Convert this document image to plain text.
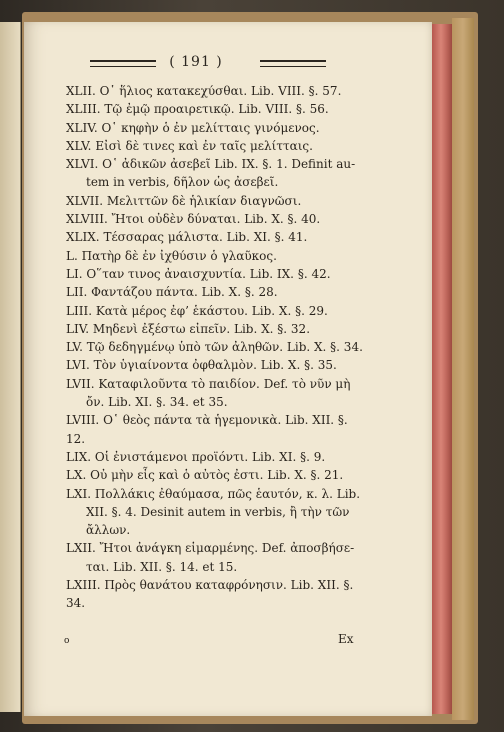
( 191 )
XLII. Ο῾ ἥλιος κατακεχύσθαι. Lib. VIII. §. 57.
XLIII. Τῷ ἐμῷ προαιρετικῷ. Lib. VIII. §. 56.
XLIV. Ο῾ κηφὴν ὁ ἐν μελίτταις γινόμενος.
XLV. Εἰσὶ δὲ τινες καὶ ἐν ταῖς μελίτταις.
XLVI. Ο῾ ἀδικῶν ἀσεβεῖ Lib. IX. §. 1. Definit au-
tem in verbis, δῆλον ὡς ἀσεβεῖ.
XLVII. Μελιττῶν δὲ ἡλικίαν διαγνῶσι.
XLVIII. Ἤτοι οὐδὲν δύναται. Lib. X. §. 40.
XLIX. Τέσσαρας μάλιστα. Lib. XI. §. 41.
L. Πατὴρ δὲ ἐν ἰχθύσιν ὁ γλαῦκος.
LI. Ο῞ταν τινος ἀναισχυντία. Lib. IX. §. 42.
LII. Φαντάζου πάντα. Lib. X. §. 28.
LIII. Κατὰ μέρος ἐφ’ ἑκάστου. Lib. X. §. 29.
LIV. Μηδενὶ ἐξέστω εἰπεῖν. Lib. X. §. 32.
LV. Τῷ δεδηγμένῳ ὑπὸ τῶν ἀληθῶν. Lib. X. §. 34.
LVI. Τὸν ὑγιαίνοντα ὀφθαλμὸν. Lib. X. §. 35.
LVII. Καταφιλοῦντα τὸ παιδίον. Def. τὸ νῦν μὴ
ὄν. Lib. XI. §. 34. et 35.
LVIII. Ο῾ θεὸς πάντα τὰ ἡγεμονικὰ. Lib. XII. §. 12.
LIX. Οἱ ἐνιστάμενοι προϊόντι. Lib. XI. §. 9.
LX. Οὐ μὴν εἷς καὶ ὁ αὐτὸς ἐστι. Lib. X. §. 21.
LXI. Πολλάκις ἐθαύμασα, πῶς ἑαυτόν, κ. λ. Lib.
XII. §. 4. Desinit autem in verbis, ἢ τὴν τῶν ἄλλων.
LXII. Ἤτοι ἀνάγκη εἱμαρμένης. Def. ἀποσβήσε-
ται. Lib. XII. §. 14. et 15.
LXIII. Πρὸς θανάτου καταφρόνησιν. Lib. XII. §. 34.
o	Ex
